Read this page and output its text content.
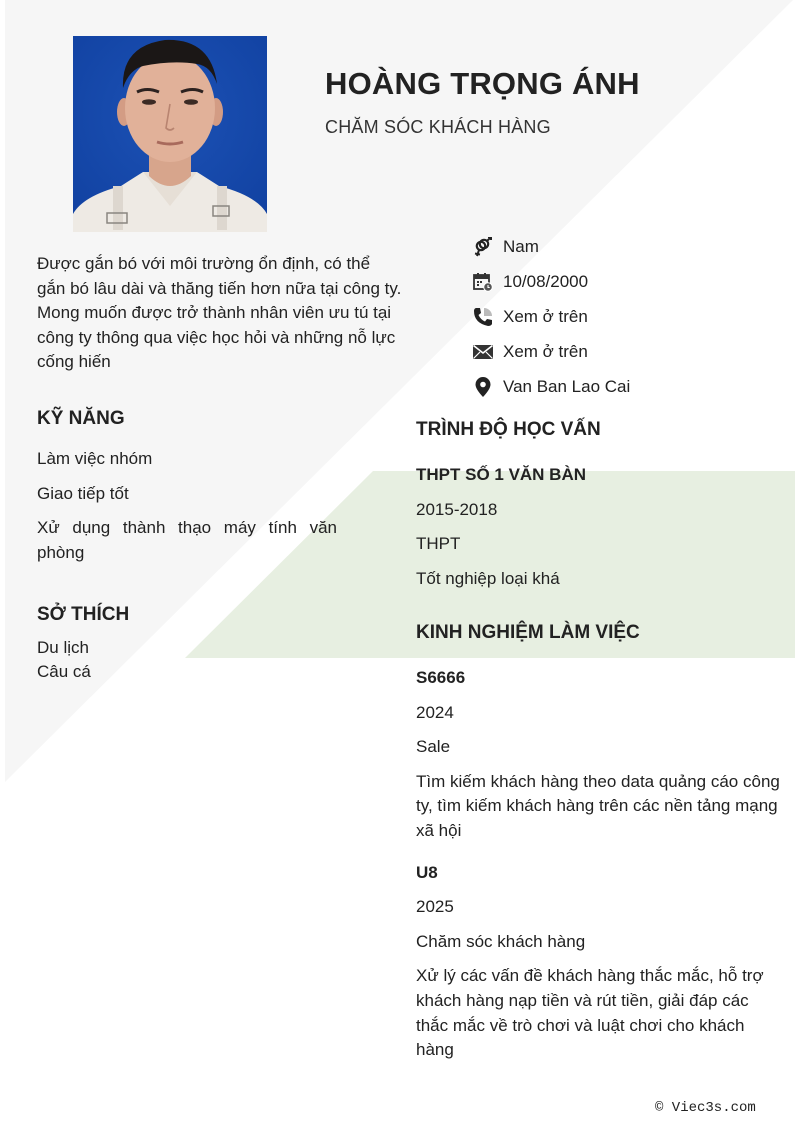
HOÀNG TRỌNG ÁNH
CHĂM SÓC KHÁCH HÀNG
Nam
10/08/2000
Xem ở trên
Xem ở trên
Van Ban Lao Cai
Được gắn bó với môi trường ổn định, có thể gắn bó lâu dài và thăng tiến hơn nữa tại công ty. Mong muốn được trở thành nhân viên ưu tú tại công ty thông qua việc học hỏi và những nỗ lực cống hiến
KỸ NĂNG
Làm việc nhóm
Giao tiếp tốt
Xử dụng thành thạo máy tính văn phòng
SỞ THÍCH
Du lịch
Câu cá
TRÌNH ĐỘ HỌC VẤN
THPT SỐ 1 VĂN BÀN
2015-2018
THPT
Tốt nghiệp loại khá
KINH NGHIỆM LÀM VIỆC
S6666
2024
Sale
Tìm kiếm khách hàng theo data quảng cáo công ty, tìm kiếm khách hàng trên các nền tảng mạng xã hội
U8
2025
Chăm sóc khách hàng
Xử lý các vấn đề khách hàng thắc mắc, hỗ trợ khách hàng nạp tiền và rút tiền, giải đáp các thắc mắc về trò chơi và luật chơi cho khách hàng
© Viec3s.com
